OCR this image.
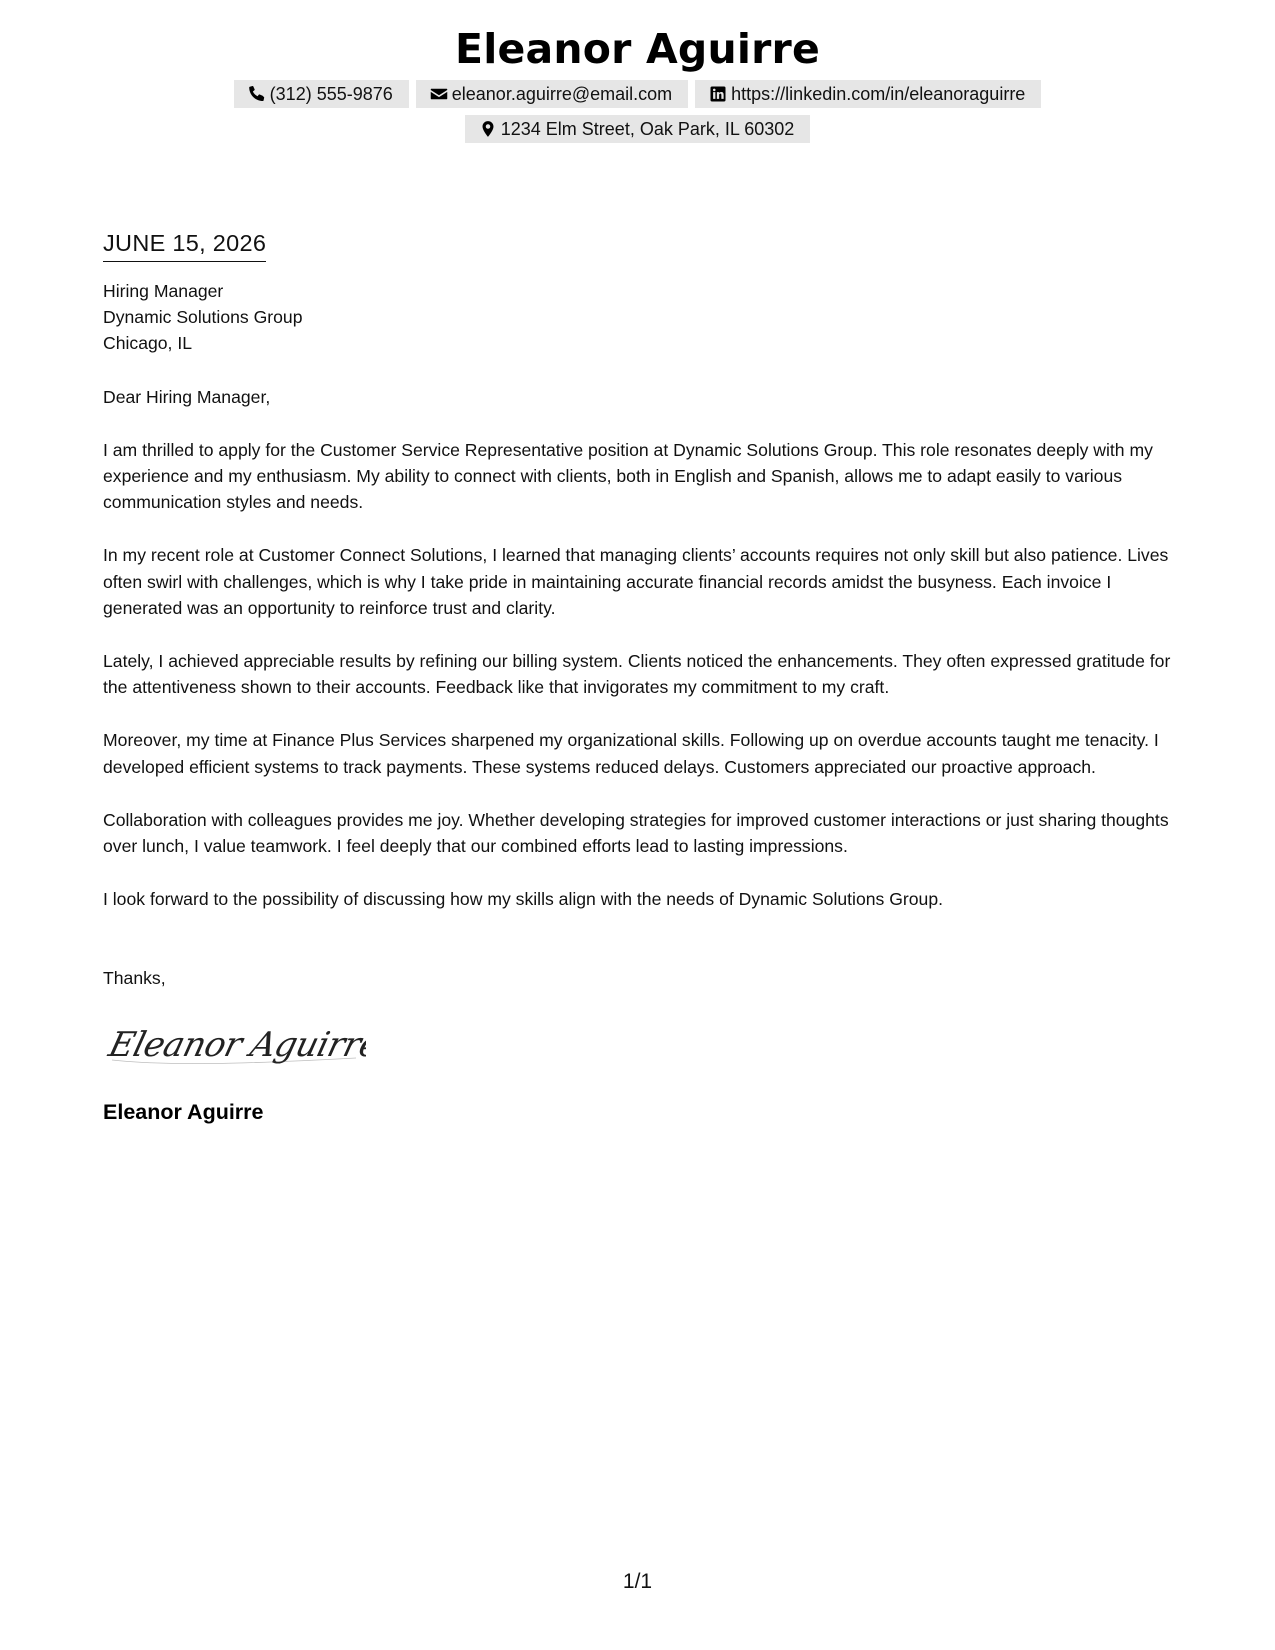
Eleanor Aguirre
(312) 555-9876	eleanor.aguirre@email.com	https://linkedin.com/in/eleanoraguirre
1234 Elm Street, Oak Park, IL 60302
JUNE 15, 2026
Hiring Manager
Dynamic Solutions Group
Chicago, IL
Dear Hiring Manager,

I am thrilled to apply for the Customer Service Representative position at Dynamic Solutions Group. This role resonates deeply with my experience and my enthusiasm. My ability to connect with clients, both in English and Spanish, allows me to adapt easily to various communication styles and needs.

In my recent role at Customer Connect Solutions, I learned that managing clients’ accounts requires not only skill but also patience. Lives often swirl with challenges, which is why I take pride in maintaining accurate financial records amidst the busyness. Each invoice I generated was an opportunity to reinforce trust and clarity.

Lately, I achieved appreciable results by refining our billing system. Clients noticed the enhancements. They often expressed gratitude for the attentiveness shown to their accounts. Feedback like that invigorates my commitment to my craft.

Moreover, my time at Finance Plus Services sharpened my organizational skills. Following up on overdue accounts taught me tenacity. I developed efficient systems to track payments. These systems reduced delays. Customers appreciated our proactive approach.

Collaboration with colleagues provides me joy. Whether developing strategies for improved customer interactions or just sharing thoughts over lunch, I value teamwork. I feel deeply that our combined efforts lead to lasting impressions.

I look forward to the possibility of discussing how my skills align with the needs of Dynamic Solutions Group.

Thanks,
Eleanor Aguirre
Eleanor Aguirre
1/1
